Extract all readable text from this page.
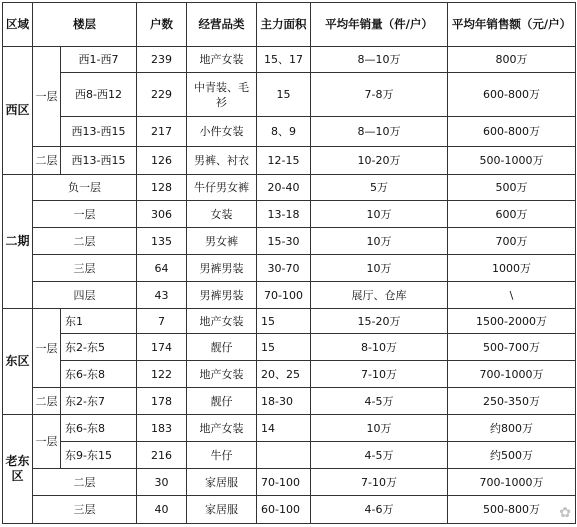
区域	楼层		户数	经营品类	主力面积	平均年销量（件/户）	平均年销售额（元/户）
西区	一层	西1-西7	239	地产女装	15、17	8—10万	800万
		西8-西12	229	中青装、毛衫	15	7-8万	600-800万
		西13-西15	217	小件女装	8、9	8—10万	600-800万
	二层	西13-西15	126	男裤、衬衣	12-15	10-20万	500-1000万
二期	负一层		128	牛仔男女裤	20-40	5万	500万
	一层		306	女装	13-18	10万	600万
	二层		135	男女裤	15-30	10万	700万
	三层		64	男裤男装	30-70	10万	1000万
	四层		43	男裤男装	70-100	展厅、仓库	\
东区	一层	东1	7	地产女装	15	15-20万	1500-2000万
		东2-东5	174	靓仔	15	8-10万	500-700万
		东6-东8	122	地产女装	20、25	7-10万	700-1000万
	二层	东2-东7	178	靓仔	18-30	4-5万	250-350万
老东区	一层	东6-东8	183	地产女装	14	10万	约800万
		东9-东15	216	牛仔		4-5万	约500万
	二层		30	家居服	70-100	7-10万	700-1000万
	三层		40	家居服	60-100	4-6万	500-800万 ✿
